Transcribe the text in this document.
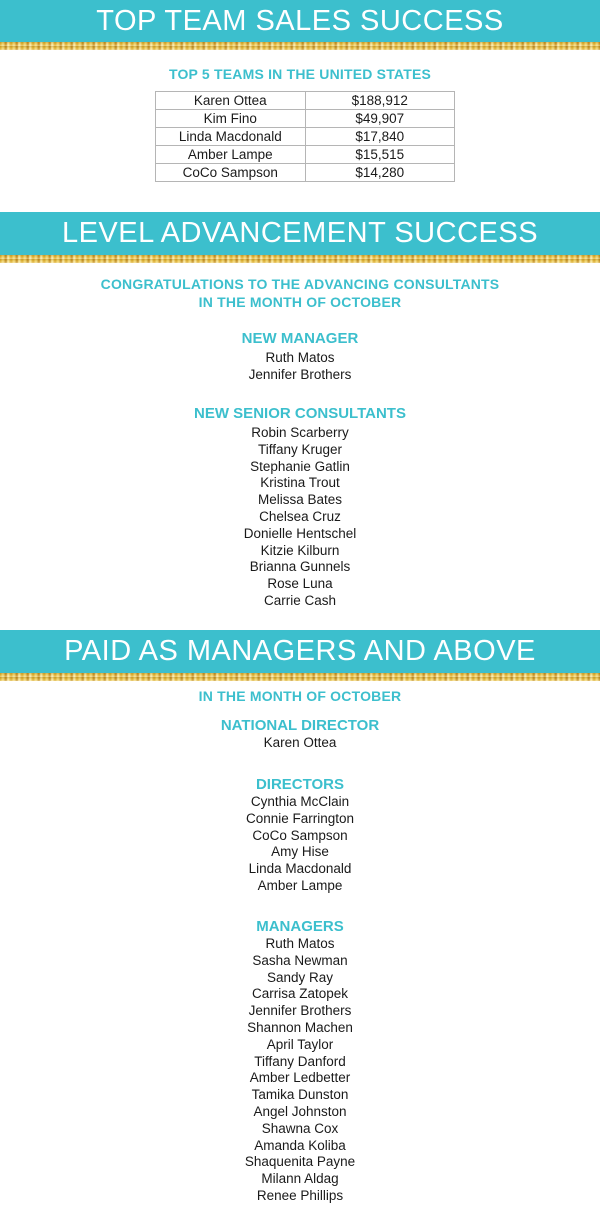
TOP TEAM SALES SUCCESS
TOP 5 TEAMS IN THE UNITED STATES
Karen Ottea	$188,912
Kim Fino	$49,907
Linda Macdonald	$17,840
Amber Lampe	$15,515
CoCo Sampson	$14,280
LEVEL ADVANCEMENT SUCCESS
CONGRATULATIONS TO THE ADVANCING CONSULTANTS
IN THE MONTH OF OCTOBER
NEW MANAGER
Ruth Matos
Jennifer Brothers
NEW SENIOR CONSULTANTS
Robin Scarberry
Tiffany Kruger
Stephanie Gatlin
Kristina Trout
Melissa Bates
Chelsea Cruz
Donielle Hentschel
Kitzie Kilburn
Brianna Gunnels
Rose Luna
Carrie Cash
PAID AS MANAGERS AND ABOVE
IN THE MONTH OF OCTOBER
NATIONAL DIRECTOR
Karen Ottea
DIRECTORS
Cynthia McClain
Connie Farrington
CoCo Sampson
Amy Hise
Linda Macdonald
Amber Lampe
MANAGERS
Ruth Matos
Sasha Newman
Sandy Ray
Carrisa Zatopek
Jennifer Brothers
Shannon Machen
April Taylor
Tiffany Danford
Amber Ledbetter
Tamika Dunston
Angel Johnston
Shawna Cox
Amanda Koliba
Shaquenita Payne
Milann Aldag
Renee Phillips
